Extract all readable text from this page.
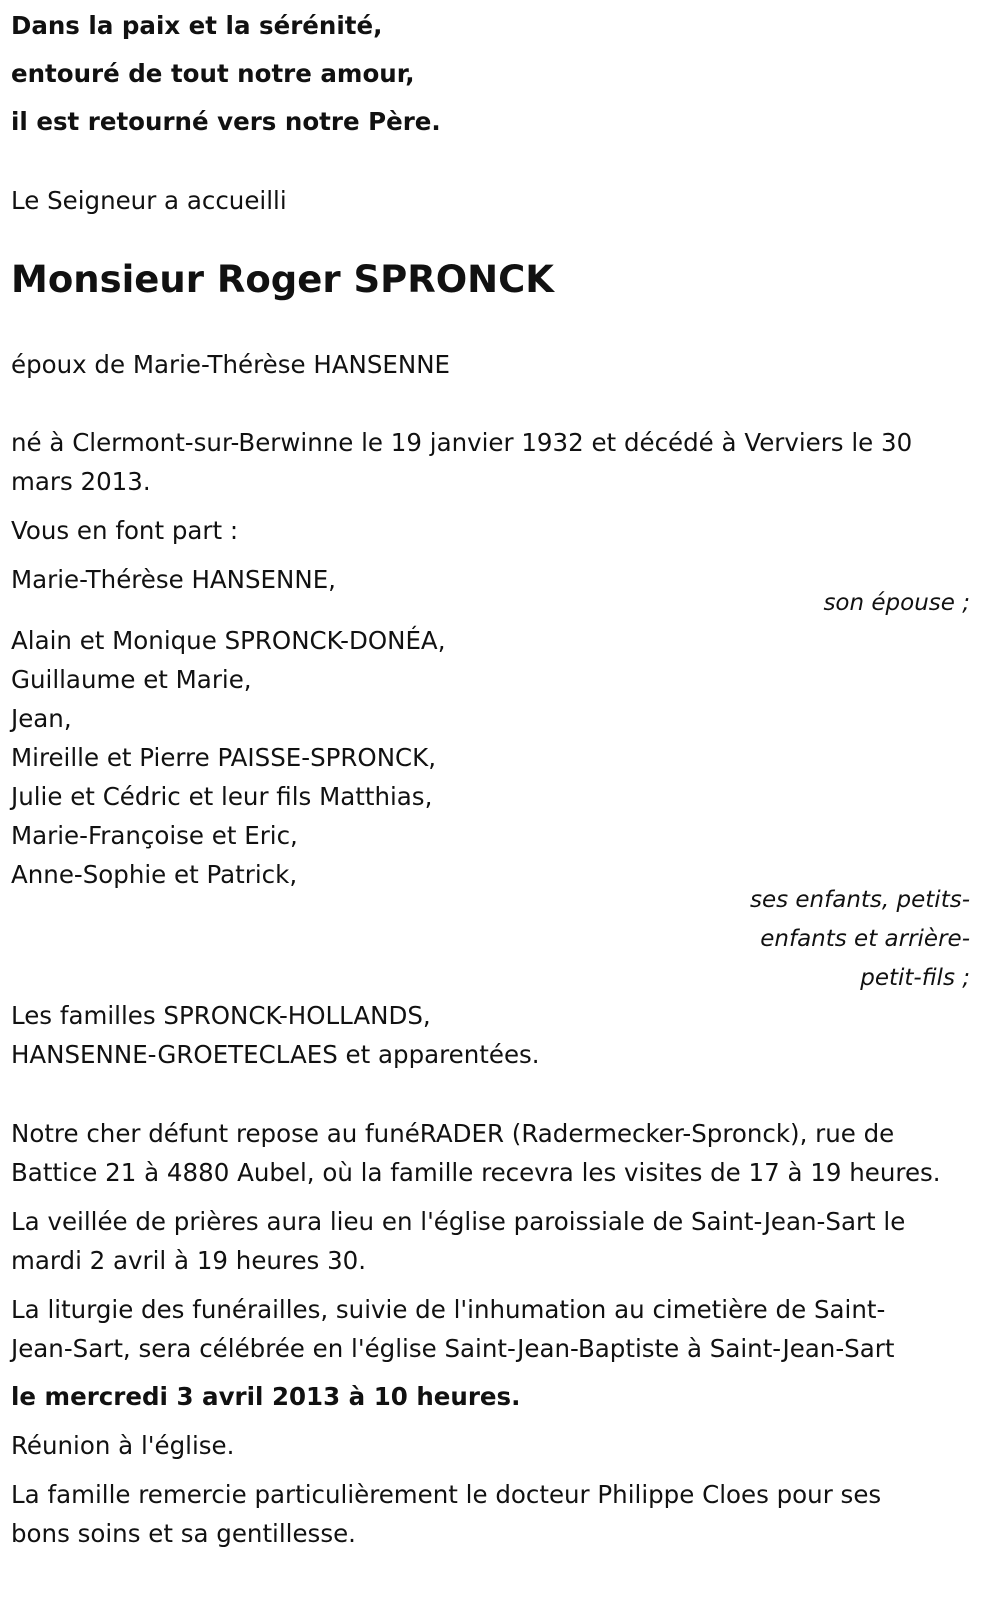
Dans la paix et la sérénité,
entouré de tout notre amour,
il est retourné vers notre Père.
Le Seigneur a accueilli
Monsieur Roger SPRONCK
époux de Marie-Thérèse HANSENNE
né à Clermont-sur-Berwinne le 19 janvier 1932 et décédé à Verviers le 30
mars 2013.
Vous en font part :
Marie-Thérèse HANSENNE,
son épouse ;
Alain et Monique SPRONCK-DONÉA,
Guillaume et Marie,
Jean,
Mireille et Pierre PAISSE-SPRONCK,
Julie et Cédric et leur fils Matthias,
Marie-Françoise et Eric,
Anne-Sophie et Patrick,
ses enfants, petits-
enfants et arrière-
petit-fils ;
Les familles SPRONCK-HOLLANDS,
HANSENNE-GROETECLAES et apparentées.
Notre cher défunt repose au funéRADER (Radermecker-Spronck), rue de
Battice 21 à 4880 Aubel, où la famille recevra les visites de 17 à 19 heures.
La veillée de prières aura lieu en l'église paroissiale de Saint-Jean-Sart le
mardi 2 avril à 19 heures 30.
La liturgie des funérailles, suivie de l'inhumation au cimetière de Saint-
Jean-Sart, sera célébrée en l'église Saint-Jean-Baptiste à Saint-Jean-Sart
le mercredi 3 avril 2013 à 10 heures.
Réunion à l'église.
La famille remercie particulièrement le docteur Philippe Cloes pour ses
bons soins et sa gentillesse.
